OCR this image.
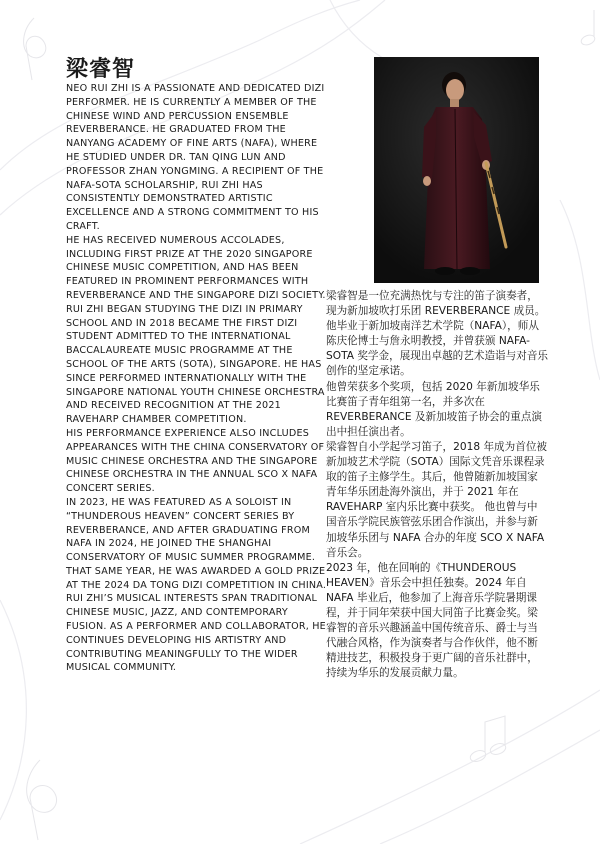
梁睿智

NEO RUI ZHI IS A PASSIONATE AND DEDICATED DIZI PERFORMER. HE IS CURRENTLY A MEMBER OF THE CHINESE WIND AND PERCUSSION ENSEMBLE REVERBERANCE. HE GRADUATED FROM THE NANYANG ACADEMY OF FINE ARTS (NAFA), WHERE HE STUDIED UNDER DR. TAN QING LUN AND PROFESSOR ZHAN YONGMING. A RECIPIENT OF THE NAFA-SOTA SCHOLARSHIP, RUI ZHI HAS CONSISTENTLY DEMONSTRATED ARTISTIC EXCELLENCE AND A STRONG COMMITMENT TO HIS CRAFT.

HE HAS RECEIVED NUMEROUS ACCOLADES, INCLUDING FIRST PRIZE AT THE 2020 SINGAPORE CHINESE MUSIC COMPETITION, AND HAS BEEN FEATURED IN PROMINENT PERFORMANCES WITH REVERBERANCE AND THE SINGAPORE DIZI SOCIETY.

RUI ZHI BEGAN STUDYING THE DIZI IN PRIMARY SCHOOL AND IN 2018 BECAME THE FIRST DIZI STUDENT ADMITTED TO THE INTERNATIONAL BACCALAUREATE MUSIC PROGRAMME AT THE SCHOOL OF THE ARTS (SOTA), SINGAPORE. HE HAS SINCE PERFORMED INTERNATIONALLY WITH THE SINGAPORE NATIONAL YOUTH CHINESE ORCHESTRA AND RECEIVED RECOGNITION AT THE 2021 RAVEHARP CHAMBER COMPETITION.

HIS PERFORMANCE EXPERIENCE ALSO INCLUDES APPEARANCES WITH THE CHINA CONSERVATORY OF MUSIC CHINESE ORCHESTRA AND THE SINGAPORE CHINESE ORCHESTRA IN THE ANNUAL SCO X NAFA CONCERT SERIES.

IN 2023, HE WAS FEATURED AS A SOLOIST IN “THUNDEROUS HEAVEN” CONCERT SERIES BY REVERBERANCE, AND AFTER GRADUATING FROM NAFA IN 2024, HE JOINED THE SHANGHAI CONSERVATORY OF MUSIC SUMMER PROGRAMME. THAT SAME YEAR, HE WAS AWARDED A GOLD PRIZE AT THE 2024 DA TONG DIZI COMPETITION IN CHINA. RUI ZHI’S MUSICAL INTERESTS SPAN TRADITIONAL CHINESE MUSIC, JAZZ, AND CONTEMPORARY FUSION. AS A PERFORMER AND COLLABORATOR, HE CONTINUES DEVELOPING HIS ARTISTRY AND CONTRIBUTING MEANINGFULLY TO THE WIDER MUSICAL COMMUNITY.

梁睿智是一位充满热忱与专注的笛子演奏者，现为新加坡吹打乐团 REVERBERANCE 成员。他毕业于新加坡南洋艺术学院（NAFA），师从陈庆伦博士与詹永明教授，并曾获颁 NAFA-SOTA 奖学金，展现出卓越的艺术造诣与对音乐创作的坚定承诺。

他曾荣获多个奖项，包括 2020 年新加坡华乐比赛笛子青年组第一名，并多次在 REVERBERANCE 及新加坡笛子协会的重点演出中担任演出者。

梁睿智自小学起学习笛子，2018 年成为首位被新加坡艺术学院（SOTA）国际文凭音乐课程录取的笛子主修学生。其后，他曾随新加坡国家青年华乐团赴海外演出，并于 2021 年在 RAVEHARP 室内乐比赛中获奖。 他也曾与中国音乐学院民族管弦乐团合作演出，并参与新加坡华乐团与 NAFA 合办的年度 SCO X NAFA 音乐会。

2023 年，他在回响的《THUNDEROUS HEAVEN》音乐会中担任独奏。2024 年自 NAFA 毕业后，他参加了上海音乐学院暑期课程，并于同年荣获中国大同笛子比赛金奖。梁睿智的音乐兴趣涵盖中国传统音乐、爵士与当代融合风格，作为演奏者与合作伙伴，他不断精进技艺，积极投身于更广阔的音乐社群中，持续为华乐的发展贡献力量。
